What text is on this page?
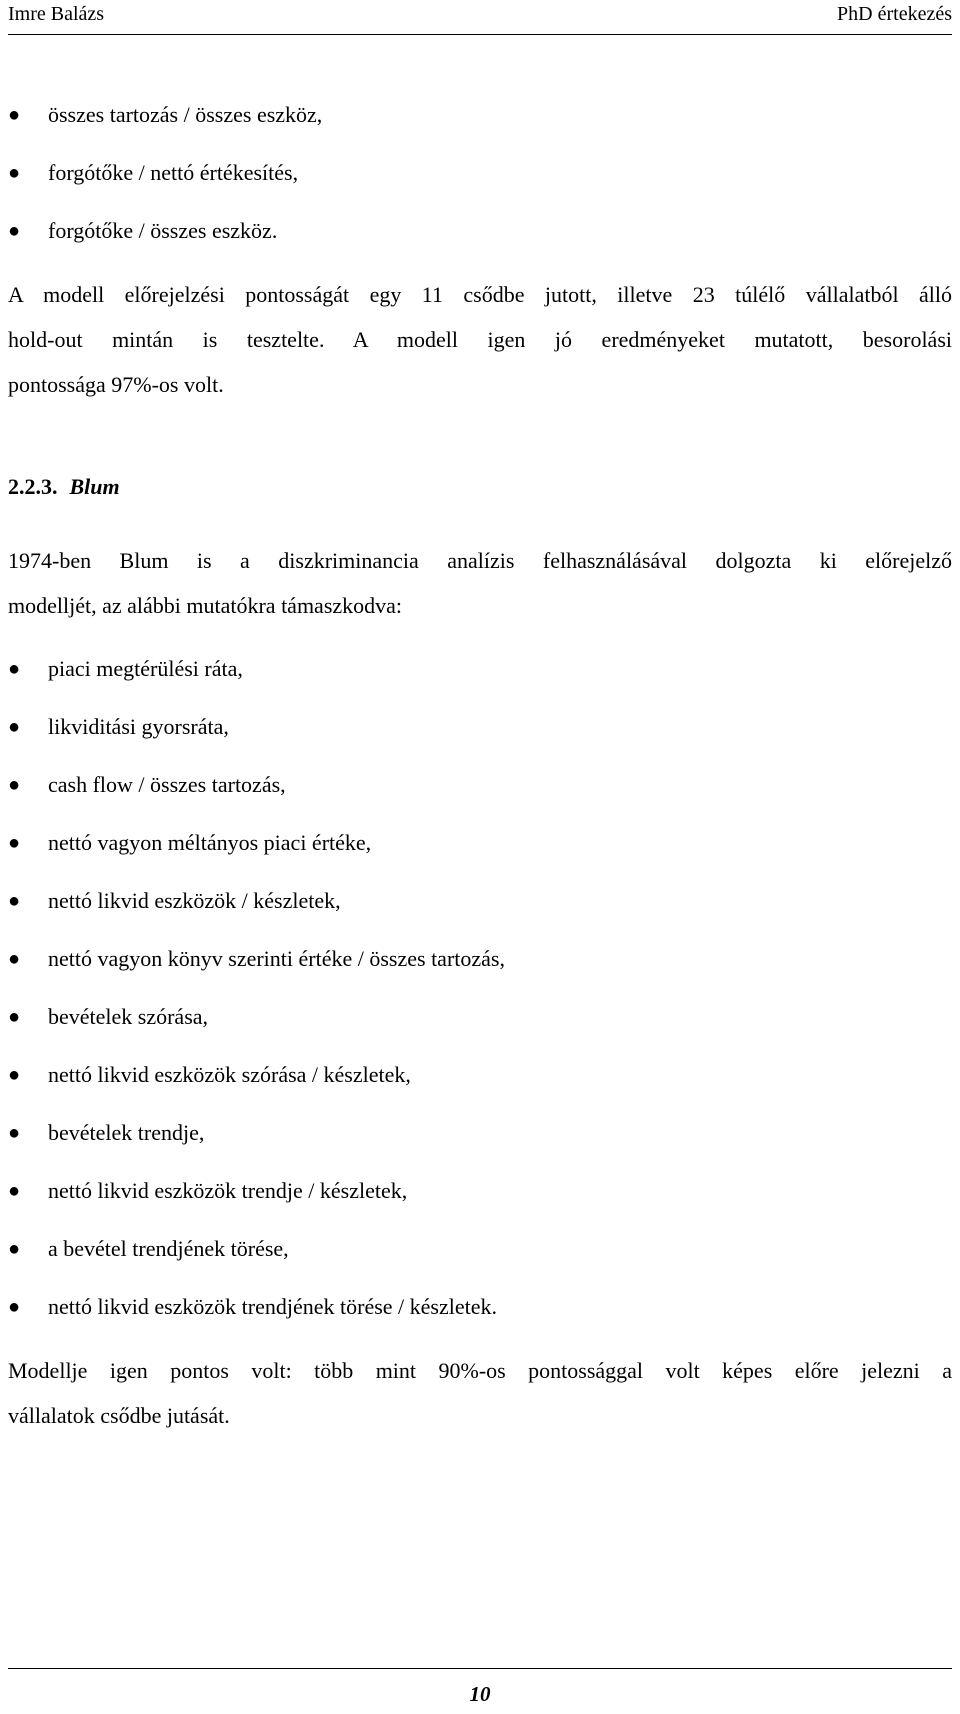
Imre Balázs	PhD értekezés
●	összes tartozás / összes eszköz,
●	forgótőke / nettó értékesítés,
●	forgótőke / összes eszköz.
A modell előrejelzési pontosságát egy 11 csődbe jutott, illetve 23 túlélő vállalatból álló
hold-out mintán is tesztelte. A modell igen jó eredményeket mutatott, besorolási
pontossága 97%-os volt.
2.2.3. Blum
1974-ben Blum is a diszkriminancia analízis felhasználásával dolgozta ki előrejelző
modelljét, az alábbi mutatókra támaszkodva:
●	piaci megtérülési ráta,
●	likviditási gyorsráta,
●	cash flow / összes tartozás,
●	nettó vagyon méltányos piaci értéke,
●	nettó likvid eszközök / készletek,
●	nettó vagyon könyv szerinti értéke / összes tartozás,
●	bevételek szórása,
●	nettó likvid eszközök szórása / készletek,
●	bevételek trendje,
●	nettó likvid eszközök trendje / készletek,
●	a bevétel trendjének törése,
●	nettó likvid eszközök trendjének törése / készletek.
Modellje igen pontos volt: több mint 90%-os pontossággal volt képes előre jelezni a
vállalatok csődbe jutását.
10
